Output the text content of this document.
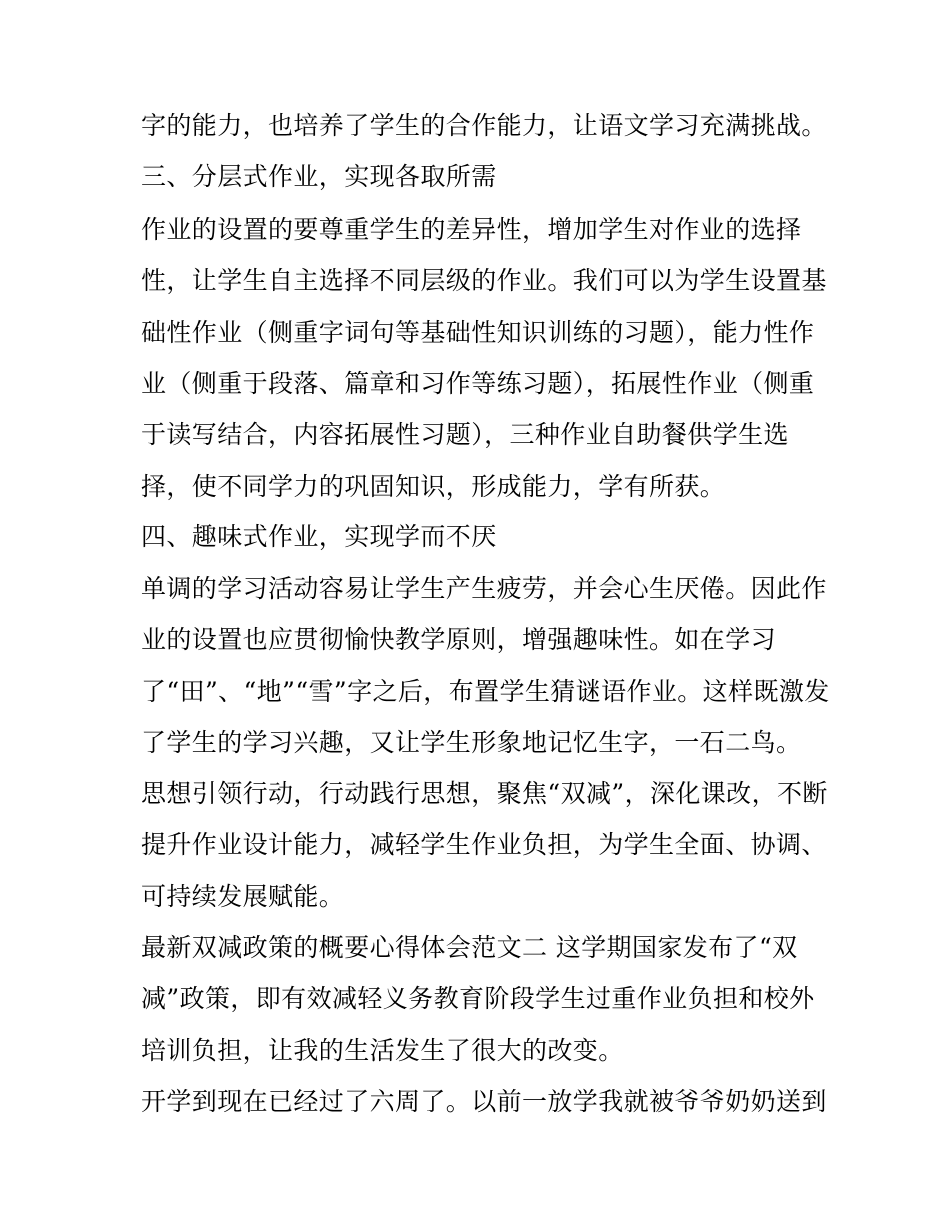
字的能力，也培养了学生的合作能力，让语文学习充满挑战。
三、分层式作业，实现各取所需
作业的设置的要尊重学生的差异性，增加学生对作业的选择
性，让学生自主选择不同层级的作业。我们可以为学生设置基
础性作业（侧重字词句等基础性知识训练的习题），能力性作
业（侧重于段落、篇章和习作等练习题），拓展性作业（侧重
于读写结合，内容拓展性习题），三种作业自助餐供学生选
择，使不同学力的巩固知识，形成能力，学有所获。
四、趣味式作业，实现学而不厌
单调的学习活动容易让学生产生疲劳，并会心生厌倦。因此作
业的设置也应贯彻愉快教学原则，增强趣味性。如在学习
了“田”、“地”“雪”字之后，布置学生猜谜语作业。这样既激发
了学生的学习兴趣，又让学生形象地记忆生字，一石二鸟。
思想引领行动，行动践行思想，聚焦“双减”，深化课改，不断
提升作业设计能力，减轻学生作业负担，为学生全面、协调、
可持续发展赋能。
最新双减政策的概要心得体会范文二 这学期国家发布了“双
减”政策，即有效减轻义务教育阶段学生过重作业负担和校外
培训负担，让我的生活发生了很大的改变。
开学到现在已经过了六周了。以前一放学我就被爷爷奶奶送到
